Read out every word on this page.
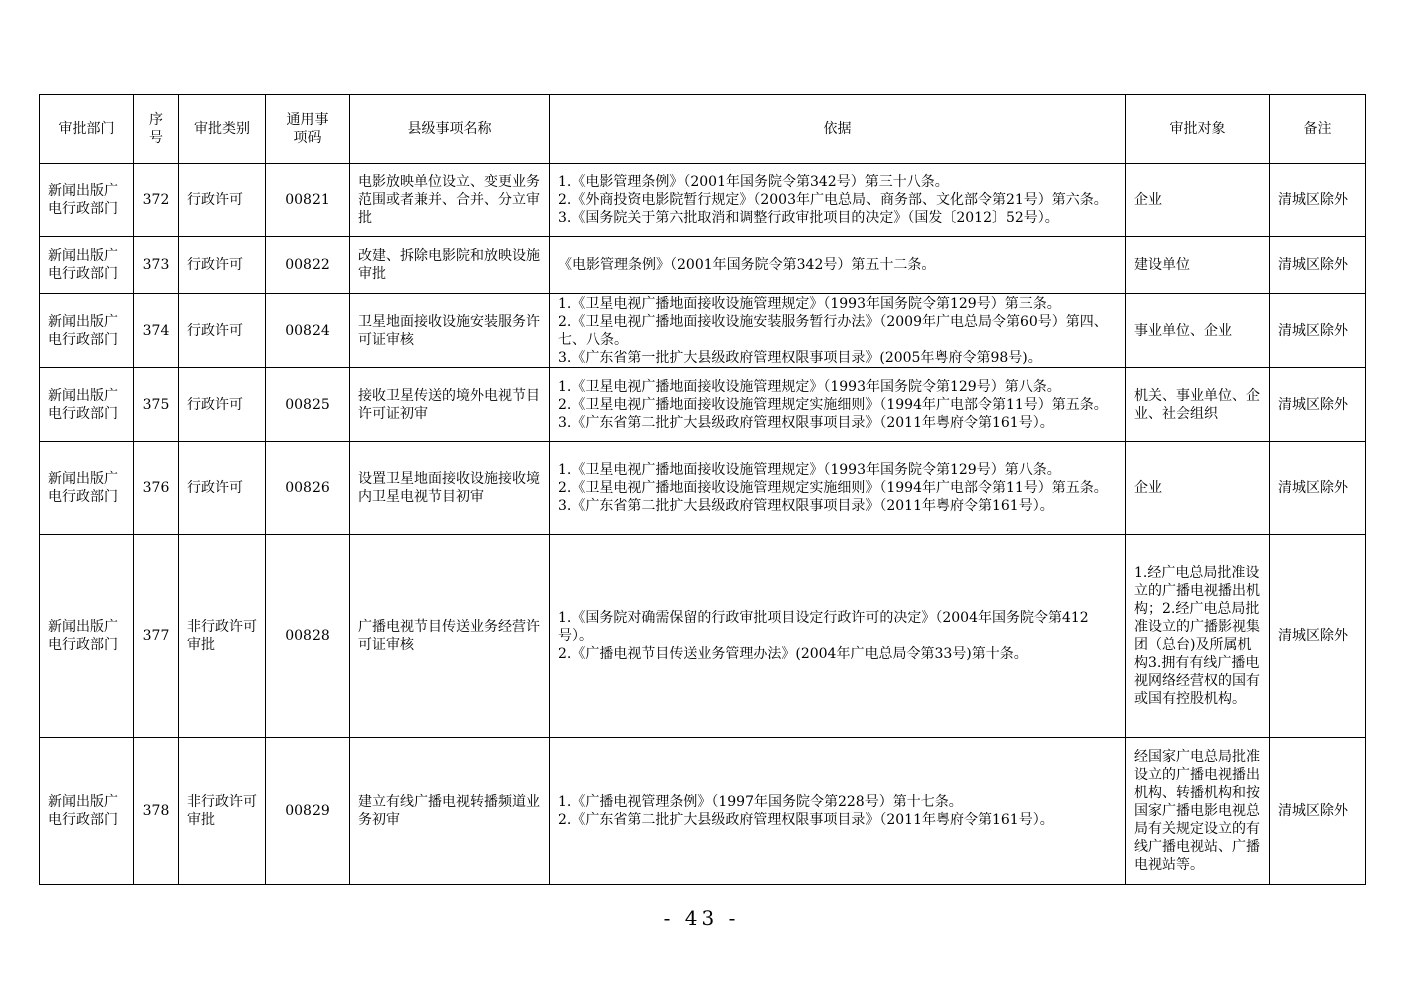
审批部门	序号	审批类别	通用事项码	县级事项名称	依据	审批对象	备注
新闻出版广电行政部门	372	行政许可	00821	电影放映单位设立、变更业务范围或者兼并、合并、分立审批	1.《电影管理条例》（2001年国务院令第342号）第三十八条。
2.《外商投资电影院暂行规定》（2003年广电总局、商务部、文化部令第21号）第六条。
3.《国务院关于第六批取消和调整行政审批项目的决定》（国发〔2012〕52号）。	企业	清城区除外
新闻出版广电行政部门	373	行政许可	00822	改建、拆除电影院和放映设施审批	《电影管理条例》（2001年国务院令第342号）第五十二条。	建设单位	清城区除外
新闻出版广电行政部门	374	行政许可	00824	卫星地面接收设施安装服务许可证审核	1.《卫星电视广播地面接收设施管理规定》（1993年国务院令第129号）第三条。
2.《卫星电视广播地面接收设施安装服务暂行办法》（2009年广电总局令第60号）第四、七、八条。
3.《广东省第一批扩大县级政府管理权限事项目录》(2005年粤府令第98号)。	事业单位、企业	清城区除外
新闻出版广电行政部门	375	行政许可	00825	接收卫星传送的境外电视节目许可证初审	1.《卫星电视广播地面接收设施管理规定》（1993年国务院令第129号）第八条。
2.《卫星电视广播地面接收设施管理规定实施细则》（1994年广电部令第11号）第五条。
3.《广东省第二批扩大县级政府管理权限事项目录》（2011年粤府令第161号）。	机关、事业单位、企业、社会组织	清城区除外
新闻出版广电行政部门	376	行政许可	00826	设置卫星地面接收设施接收境内卫星电视节目初审	1.《卫星电视广播地面接收设施管理规定》（1993年国务院令第129号）第八条。
2.《卫星电视广播地面接收设施管理规定实施细则》（1994年广电部令第11号）第五条。
3.《广东省第二批扩大县级政府管理权限事项目录》（2011年粤府令第161号）。	企业	清城区除外
新闻出版广电行政部门	377	非行政许可审批	00828	广播电视节目传送业务经营许可证审核	1.《国务院对确需保留的行政审批项目设定行政许可的决定》（2004年国务院令第412号）。
2.《广播电视节目传送业务管理办法》(2004年广电总局令第33号)第十条。	1.经广电总局批准设立的广播电视播出机构；2.经广电总局批准设立的广播影视集团（总台)及所属机构3.拥有有线广播电视网络经营权的国有或国有控股机构。	清城区除外
新闻出版广电行政部门	378	非行政许可审批	00829	建立有线广播电视转播频道业务初审	1.《广播电视管理条例》（1997年国务院令第228号）第十七条。
2.《广东省第二批扩大县级政府管理权限事项目录》（2011年粤府令第161号）。	经国家广电总局批准设立的广播电视播出机构、转播机构和按国家广播电影电视总局有关规定设立的有线广播电视站、广播电视站等。	清城区除外
- 43 -
